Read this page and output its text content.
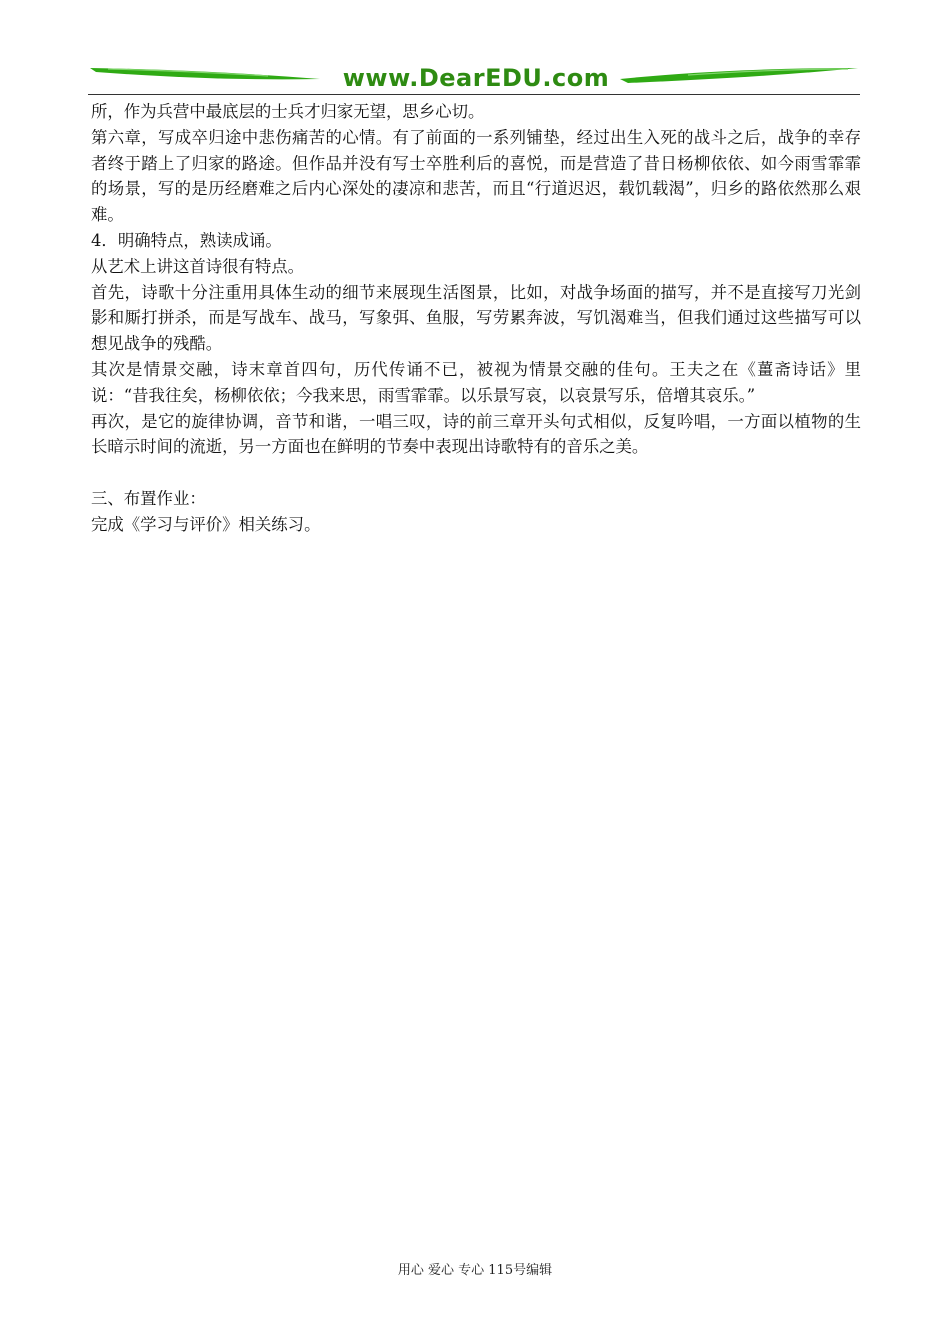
www.DearEDU.com

所，作为兵营中最底层的士兵才归家无望，思乡心切。

第六章，写成卒归途中悲伤痛苦的心情。有了前面的一系列铺垫，经过出生入死的战斗之后，战争的幸存者终于踏上了归家的路途。但作品并没有写士卒胜利后的喜悦，而是营造了昔日杨柳依依、如今雨雪霏霏的场景，写的是历经磨难之后内心深处的凄凉和悲苦，而且“行道迟迟，载饥载渴”，归乡的路依然那么艰难。

4．明确特点，熟读成诵。

从艺术上讲这首诗很有特点。

首先，诗歌十分注重用具体生动的细节来展现生活图景，比如，对战争场面的描写，并不是直接写刀光剑影和厮打拼杀，而是写战车、战马，写象弭、鱼服，写劳累奔波，写饥渴难当，但我们通过这些描写可以想见战争的残酷。

其次是情景交融，诗末章首四句，历代传诵不已，被视为情景交融的佳句。王夫之在《薑斋诗话》里说：“昔我往矣，杨柳依依；今我来思，雨雪霏霏。以乐景写哀，以哀景写乐，倍增其哀乐。”

再次，是它的旋律协调，音节和谐，一唱三叹，诗的前三章开头句式相似，反复吟唱，一方面以植物的生长暗示时间的流逝，另一方面也在鲜明的节奏中表现出诗歌特有的音乐之美。

三、布置作业：

完成《学习与评价》相关练习。

用心 爱心 专心 115号编辑
